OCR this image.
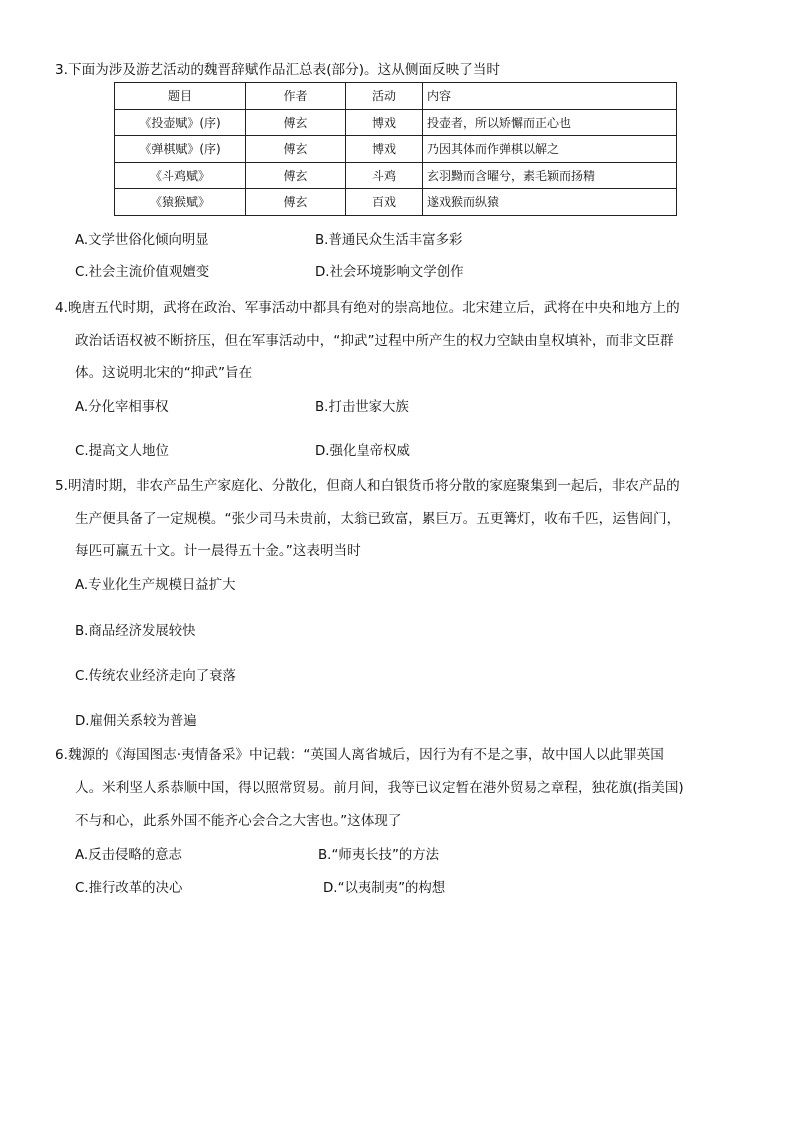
3.下面为涉及游艺活动的魏晋辞赋作品汇总表(部分)。这从侧面反映了当时
题目	作者	活动	内容
《投壶赋》(序)	傅玄	博戏	投壶者，所以矫懈而正心也
《弹棋赋》(序)	傅玄	博戏	乃因其体而作弹棋以解之
《斗鸡赋》	傅玄	斗鸡	玄羽黝而含曜兮，素毛颖而扬精
《猿猴赋》	傅玄	百戏	遂戏猴而纵猿
A.文学世俗化倾向明显	B.普通民众生活丰富多彩
C.社会主流价值观嬗变	D.社会环境影响文学创作
4.晚唐五代时期，武将在政治、军事活动中都具有绝对的崇高地位。北宋建立后，武将在中央和地方上的
政治话语权被不断挤压，但在军事活动中，“抑武”过程中所产生的权力空缺由皇权填补，而非文臣群
体。这说明北宋的“抑武”旨在
A.分化宰相事权	B.打击世家大族
C.提高文人地位	D.强化皇帝权威
5.明清时期，非农产品生产家庭化、分散化，但商人和白银货币将分散的家庭聚集到一起后，非农产品的
生产便具备了一定规模。“张少司马未贵前，太翁已致富，累巨万。五更篝灯，收布千匹，运售闾门，
每匹可赢五十文。计一晨得五十金。”这表明当时
A.专业化生产规模日益扩大
B.商品经济发展较快
C.传统农业经济走向了衰落
D.雇佣关系较为普遍
6.魏源的《海国图志·夷情备采》中记载：“英国人离省城后，因行为有不是之事，故中国人以此罪英国
人。米利坚人系恭顺中国，得以照常贸易。前月间，我等已议定暂在港外贸易之章程，独花旗(指美国)
不与和心，此系外国不能齐心会合之大害也。”这体现了
A.反击侵略的意志	B.“师夷长技”的方法
C.推行改革的决心	D.“以夷制夷”的构想
